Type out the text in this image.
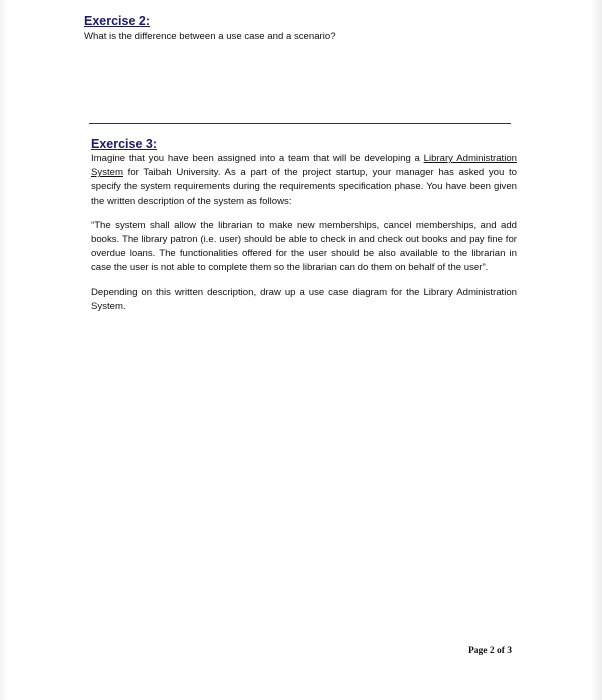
Exercise 2:

What is the difference between a use case and a scenario?

Exercise 3:

Imagine that you have been assigned into a team that will be developing a Library Administration System for Taibah University. As a part of the project startup, your manager has asked you to specify the system requirements during the requirements specification phase. You have been given the written description of the system as follows:

“The system shall allow the librarian to make new memberships, cancel memberships, and add books. The library patron (i.e. user) should be able to check in and check out books and pay fine for overdue loans. The functionalities offered for the user should be also available to the librarian in case the user is not able to complete them so the librarian can do them on behalf of the user”.

Depending on this written description, draw up a use case diagram for the Library Administration System.

Page 2 of 3
